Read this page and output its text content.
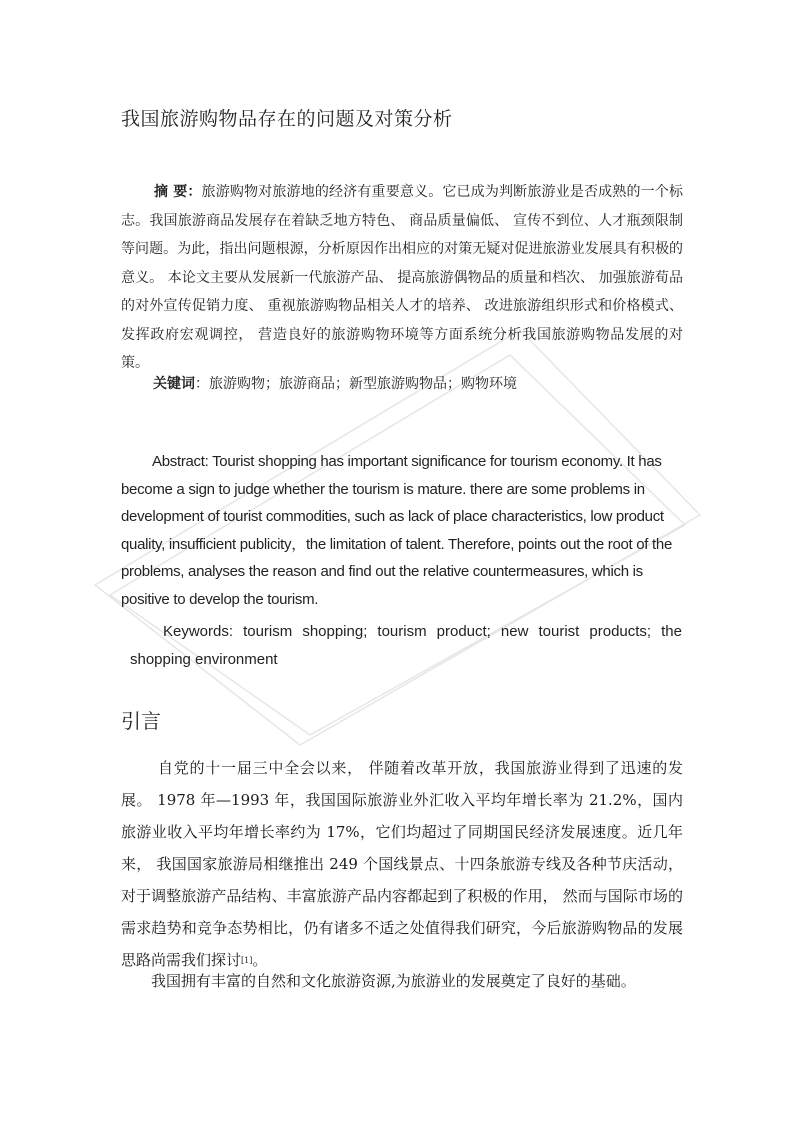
我国旅游购物品存在的问题及对策分析
摘 要：旅游购物对旅游地的经济有重要意义。它已成为判断旅游业是否成熟的一个标志。我国旅游商品发展存在着缺乏地方特色、 商品质量偏低、 宣传不到位、人才瓶颈限制等问题。为此，指出问题根源，分析原因作出相应的对策无疑对促进旅游业发展具有积极的意义。 本论文主要从发展新一代旅游产品、 提高旅游偶物品的质量和档次、 加强旅游荀品的对外宣传促销力度、 重视旅游购物品相关人才的培养、 改进旅游组织形式和价格模式、 发挥政府宏观调控， 营造良好的旅游购物环境等方面系统分析我国旅游购物品发展的对策。
关键词：旅游购物；旅游商品；新型旅游购物品；购物环境
Abstract: Tourist shopping has important significance for tourism economy. It has become a sign to judge whether the tourism is mature. there are some problems in development of tourist commodities, such as lack of place characteristics, low product quality, insufficient publicity，the limitation of talent. Therefore, points out the root of the problems, analyses the reason and find out the relative countermeasures, which is positive to develop the tourism.
Keywords: tourism shopping; tourism product; new tourist products; the shopping environment
引言
自党的十一届三中全会以来， 伴随着改革开放，我国旅游业得到了迅速的发展。 1978 年—1993 年，我国国际旅游业外汇收入平均年增长率为 21.2%，国内旅游业收入平均年增长率约为 17%，它们均超过了同期国民经济发展速度。近几年来， 我国国家旅游局相继推出 249 个国线景点、十四条旅游专线及各种节庆活动， 对于调整旅游产品结构、丰富旅游产品内容都起到了积极的作用， 然而与国际市场的需求趋势和竞争态势相比，仍有诸多不适之处值得我们研究，今后旅游购物品的发展思路尚需我们探讨[1]。
我国拥有丰富的自然和文化旅游资源,为旅游业的发展奠定了良好的基础。
